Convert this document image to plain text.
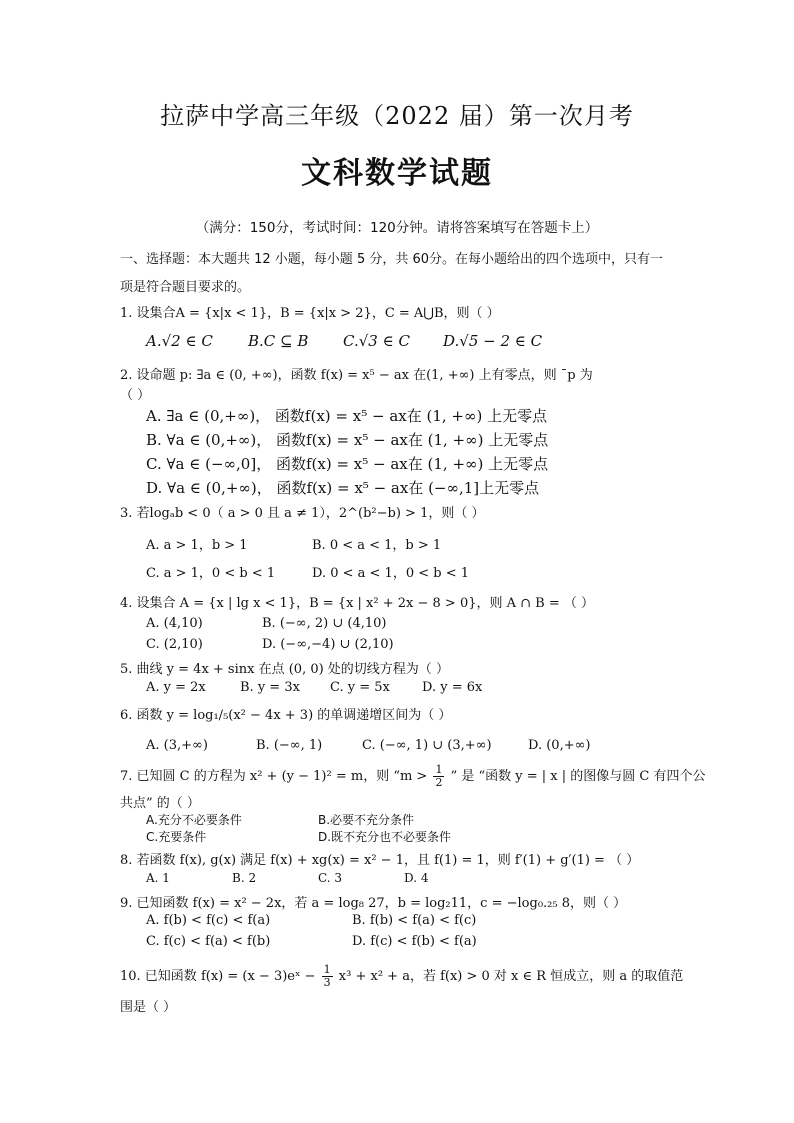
拉萨中学高三年级（2022 届）第一次月考
文科数学试题
（满分：150分，考试时间：120分钟。请将答案填写在答题卡上）
一、选择题：本大题共 12 小题，每小题 5 分，共 60分。在每小题给出的四个选项中，只有一
项是符合题目要求的。
1. 设集合A = {x|x < 1}，B = {x|x > 2}，C = A⋃B，则（ ）
A.√2 ∈ C B.C ⊆ B C.√3 ∈ C D.√5 − 2 ∈ C
2. 设命题 p: ∃a ∈ (0, +∞)，函数 f(x) = x⁵ − ax 在(1, +∞) 上有零点，则 ˉp 为
（ ）
A. ∃a ∈ (0,+∞)， 函数f(x) = x⁵ − ax在 (1, +∞) 上无零点
B. ∀a ∈ (0,+∞)， 函数f(x) = x⁵ − ax在 (1, +∞) 上无零点
C. ∀a ∈ (−∞,0]， 函数f(x) = x⁵ − ax在 (1, +∞) 上无零点
D. ∀a ∈ (0,+∞)， 函数f(x) = x⁵ − ax在 (−∞,1]上无零点
3. 若logₐb < 0（ a > 0 且 a ≠ 1），2^(b²−b) > 1，则（ ）
A. a > 1，b > 1	B. 0 < a < 1，b > 1
C. a > 1，0 < b < 1	D. 0 < a < 1，0 < b < 1
4. 设集合 A = {x | lg x < 1}，B = {x | x² + 2x − 8 > 0}，则 A ∩ B = （ ）
A. (4,10)	B. (−∞, 2) ∪ (4,10)
C. (2,10)	D. (−∞,−4) ∪ (2,10)
5. 曲线 y = 4x + sinx 在点 (0, 0) 处的切线方程为（ ）
A. y = 2x	B. y = 3x C. y = 5x D. y = 6x
6. 函数 y = log₁/₅(x² − 4x + 3) 的单调递增区间为（ ）
A. (3,+∞)	B. (−∞, 1)	C. (−∞, 1) ∪ (3,+∞)	D. (0,+∞)
7. 已知圆 C 的方程为 x² + (y − 1)² = m，则 “$m > \frac{1}{2}$ ” 是 “函数 y = | x | 的图像与圆 C 有四个公
共点” 的（ ）
A.充分不必要条件	B.必要不充分条件
C.充要条件	D.既不充分也不必要条件
8. 若函数 f(x), g(x) 满足 f(x) + xg(x) = x² − 1，且 f(1) = 1，则 f′(1) + g′(1) = （ ）
A. 1	B. 2	C. 3	D. 4
9. 已知函数 f(x) = x² − 2x，若 a = log₈ 27，b = log₂11，c = −log₀.₂₅ 8，则（ ）
A. f(b) < f(c) < f(a)	B. f(b) < f(a) < f(c)
C. f(c) < f(a) < f(b)	D. f(c) < f(b) < f(a)
10. 已知函数 f(x) = (x − 3)eˣ − $\frac{1}{3} x^3 + x^2 + a$，若 f(x) > 0 对 x ∈ R 恒成立，则 a 的取值范
围是（ ）
